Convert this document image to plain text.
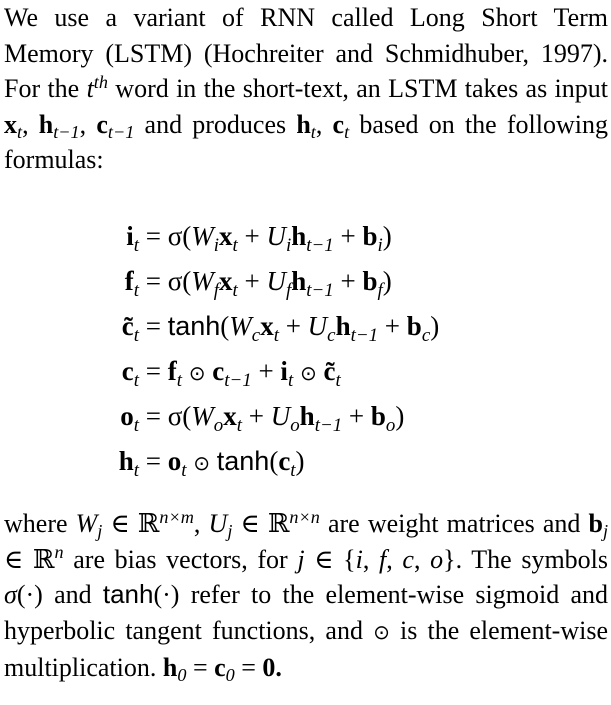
We use a variant of RNN called Long Short Term Memory (LSTM) (Hochreiter and Schmidhuber, 1997). For the $t^{th}$ word in the short-text, an LSTM takes as input $x_t$, $h_{t-1}$, $c_{t-1}$ and produces $h_t$, $c_t$ based on the following formulas:
$i_t = \sigma(W_ix_t + U_ih_{t-1} + b_i)$
$f_t = \sigma(W_fx_t + U_fh_{t-1} + b_f)$
$c̃_t = \tanh(W_cx_t + U_ch_{t-1} + b_c)$
$c_t = f_t$ ⊙ $c_{t-1} + i_t$ ⊙ $c̃_t$
$o_t = \sigma(W_ox_t + U_oh_{t-1} + b_o)$
$h_t = o_t$ ⊙ $\tanh(c_t)$
where $W_j$ ∈ ℝ$^{n\times m}$, $U_j$ ∈ ℝ$^{n\times n}$ are weight matrices and $b_j$ ∈ ℝ$^n$ are bias vectors, for j ∈ {i, f, c, o}. The symbols σ(·) and tanh(·) refer to the element-wise sigmoid and hyperbolic tangent functions, and ⊙ is the element-wise multiplication. $h_0 = c_0 = 0$.
